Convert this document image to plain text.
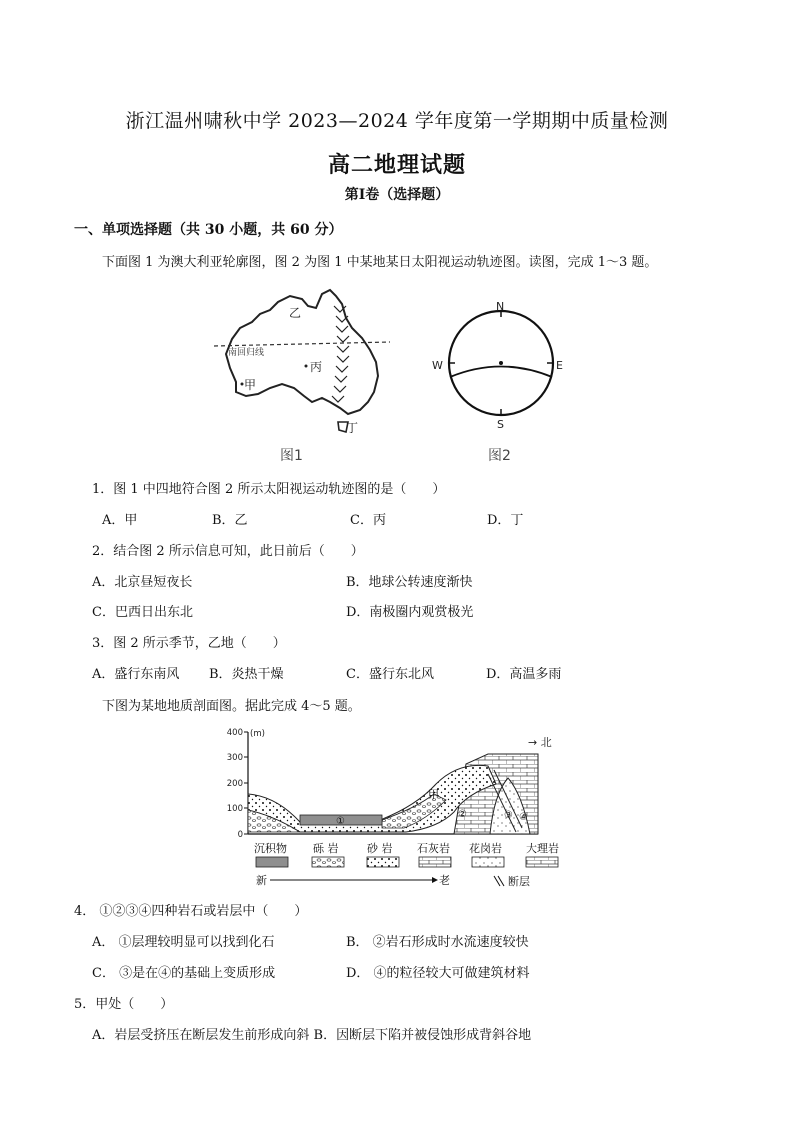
浙江温州啸秋中学 2023—2024 学年度第一学期期中质量检测
高二地理试题
第Ⅰ卷（选择题）
一、单项选择题（共 30 小题，共 60 分）
下面图 1 为澳大利亚轮廓图，图 2 为图 1 中某地某日太阳视运动轨迹图。读图，完成 1～3 题。
南回归线
乙
丙
甲
丁
图1
N
S
W	E
图2
1．图 1 中四地符合图 2 所示太阳视运动轨迹图的是（　　）
A．甲	B．乙	C．丙	D．丁
2．结合图 2 所示信息可知，此日前后（　　）
A．北京昼短夜长	B．地球公转速度渐快
C．巴西日出东北	D．南极圈内观赏极光
3．图 2 所示季节，乙地（　　）
A．盛行东南风 B．炎热干燥	C．盛行东北风	D．高温多雨
下图为某地地质剖面图。据此完成 4～5 题。
400
300
200
100
0
(m)
→ 北
①
②	③ ④
甲
沉积物 砾 岩	砂 岩 石灰岩 花岗岩 大理岩
新	老	断层
4． ①②③④四种岩石或岩层中（　　）
A． ①层理较明显可以找到化石	B． ②岩石形成时水流速度较快
C． ③是在④的基础上变质形成	D． ④的粒径较大可做建筑材料
5．甲处（　　）
A．岩层受挤压在断层发生前形成向斜 B．因断层下陷并被侵蚀形成背斜谷地
